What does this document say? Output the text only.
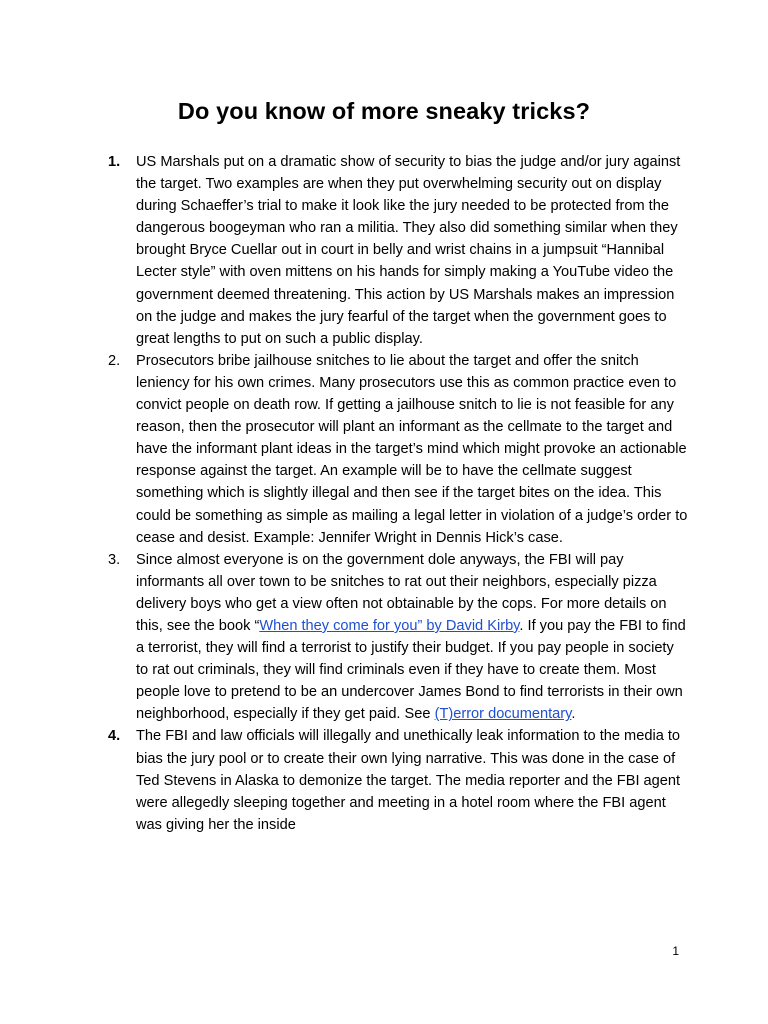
Do you know of more sneaky tricks?
1.	US Marshals put on a dramatic show of security to bias the judge and/or jury against the target. Two examples are when they put overwhelming security out on display during Schaeffer’s trial to make it look like the jury needed to be protected from the dangerous boogeyman who ran a militia. They also did something similar when they brought Bryce Cuellar out in court in belly and wrist chains in a jumpsuit “Hannibal Lecter style” with oven mittens on his hands for simply making a YouTube video the government deemed threatening. This action by US Marshals makes an impression on the judge and makes the jury fearful of the target when the government goes to great lengths to put on such a public display.
2.	Prosecutors bribe jailhouse snitches to lie about the target and offer the snitch leniency for his own crimes. Many prosecutors use this as common practice even to convict people on death row. If getting a jailhouse snitch to lie is not feasible for any reason, then the prosecutor will plant an informant as the cellmate to the target and have the informant plant ideas in the target’s mind which might provoke an actionable response against the target. An example will be to have the cellmate suggest something which is slightly illegal and then see if the target bites on the idea. This could be something as simple as mailing a legal letter in violation of a judge’s order to cease and desist. Example: Jennifer Wright in Dennis Hick’s case.
3.	Since almost everyone is on the government dole anyways, the FBI will pay informants all over town to be snitches to rat out their neighbors, especially pizza delivery boys who get a view often not obtainable by the cops. For more details on this, see the book “When they come for you” by David Kirby. If you pay the FBI to find a terrorist, they will find a terrorist to justify their budget. If you pay people in society to rat out criminals, they will find criminals even if they have to create them. Most people love to pretend to be an undercover James Bond to find terrorists in their own neighborhood, especially if they get paid. See (T)error documentary.
4.	The FBI and law officials will illegally and unethically leak information to the media to bias the jury pool or to create their own lying narrative. This was done in the case of Ted Stevens in Alaska to demonize the target. The media reporter and the FBI agent were allegedly sleeping together and meeting in a hotel room where the FBI agent was giving her the inside
1
